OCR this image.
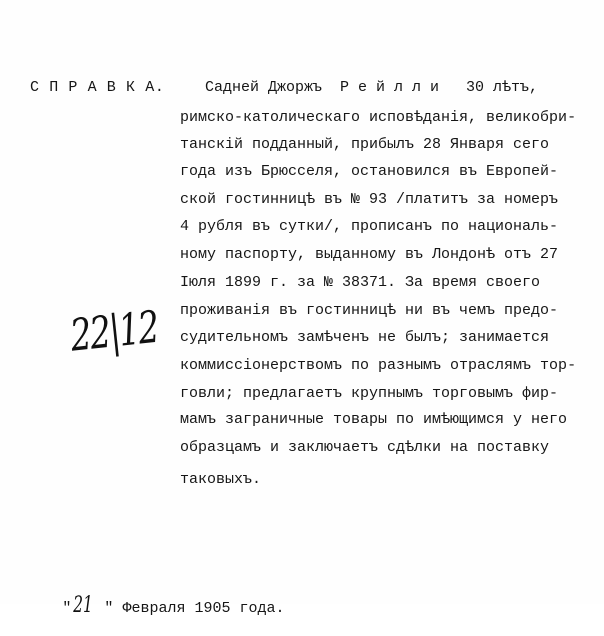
С П Р А В К А.	Садней Джоржъ Р е й л л и 30 лѣтъ,
римско-католическаго исповѣданія, великобри-
танскій подданный, прибылъ 28 Января сего
года изъ Брюсселя, остановился въ Европей-
ской гостинницѣ въ № 93 /платитъ за номеръ
4 рубля въ сутки/, прописанъ по националь-
ному паспорту, выданному въ Лондонѣ отъ 27
Іюля 1899 г. за № 38371. За время своего
проживанія въ гостинницѣ ни въ чемъ предо-
судительномъ замѣченъ не былъ; занимается
коммиссіонерствомъ по разнымъ отраслямъ тор-
говли; предлагаетъ крупнымъ торговымъ фир-
мамъ заграничные товары по имѣющимся у него
образцамъ и заключаетъ сдѣлки на поставку
таковыхъ.
22|12

"21 " Февраля 1905 года.
